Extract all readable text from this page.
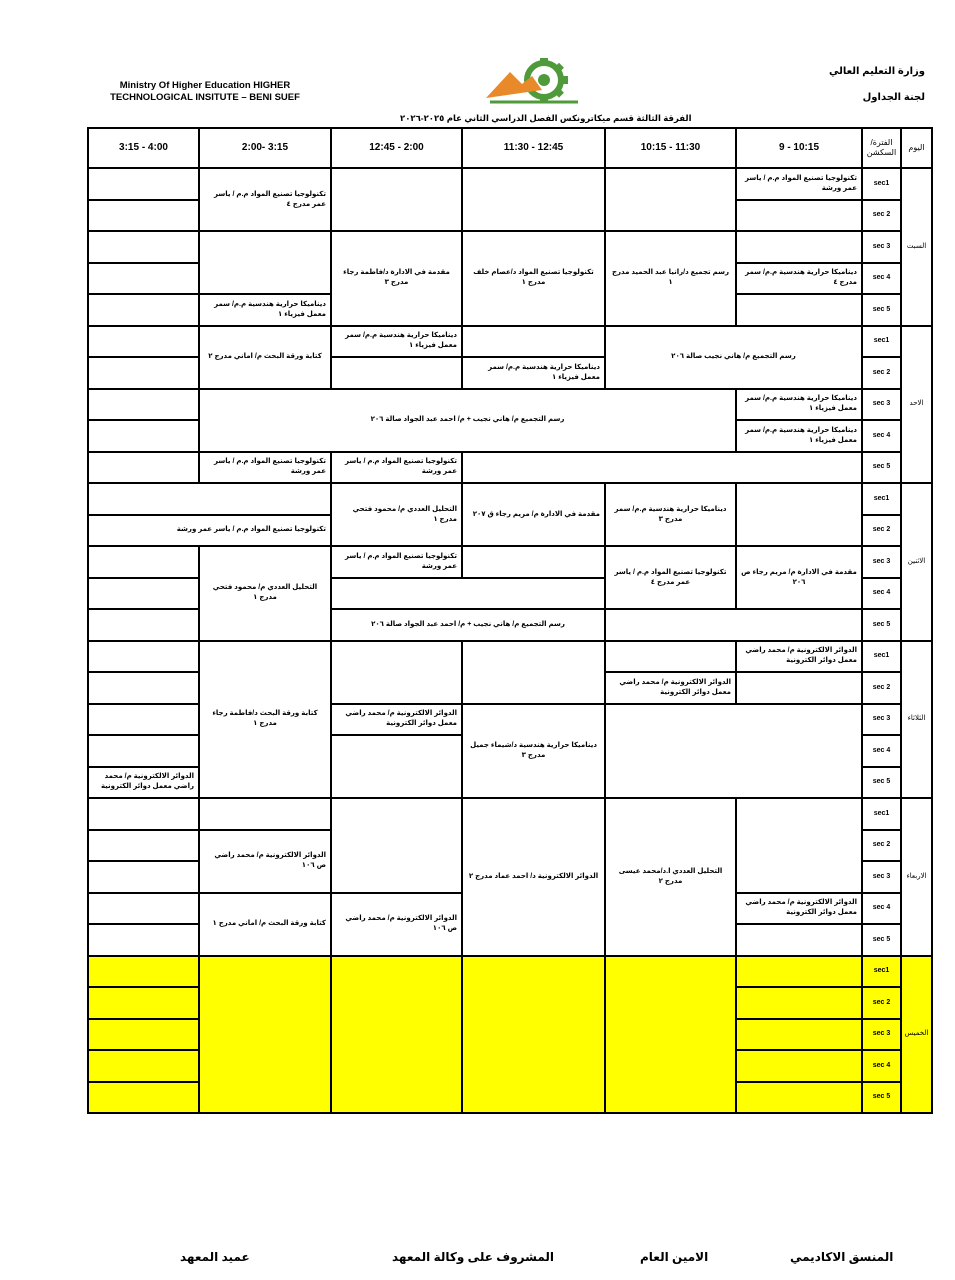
Ministry Of Higher Education HIGHER TECHNOLOGICAL INSITUTE – BENI SUEF
وزارة التعليم العالي
لجنة الجداول
الفرقة الثالثة قسم ميكاترونكس الفصل الدراسي الثاني عام ٢٠٢٥-٢٠٢٦
3:15 - 4:00	2:00- 3:15	12:45 - 2:00	11:30 - 12:45	10:15 - 11:30	9 - 10:15	الفترة/ السكشن	اليوم
	تكنولوجيا تصنيع المواد م.م / ياسر عمر مدرج ٤				تكنولوجيا تصنيع المواد م.م / ياسر عمر ورشة	sec1	السبت
						sec 2	
		مقدمة في الادارة د/فاطمة رجاء مدرج ٣	تكنولوجيا تصنيع المواد د/عصام خلف مدرج ١	رسم تجميع د/رانيا عبد الحميد مدرج ١		sec 3	
					ديناميكا حرارية هندسية م.م/ سمر مدرج ٤	sec 4	
	ديناميكا حرارية هندسية م.م/ سمر معمل فيزياء ١					sec 5	
	كتابة ورقة البحث م/ اماني مدرج ٢	ديناميكا حرارية هندسية م.م/ سمر معمل فيزياء ١		رسم التجميع م/ هاني نجيب صالة ٢٠٦		sec1	الاحد
			ديناميكا حرارية هندسية م.م/ سمر معمل فيزياء ١			sec 2	
	رسم التجميع م/ هاني نجيب + م/ احمد عبد الجواد صالة ٢٠٦				ديناميكا حرارية هندسية م.م/ سمر معمل فيزياء ١	sec 3	
					ديناميكا حرارية هندسية م.م/ سمر معمل فيزياء ١	sec 4	
	تكنولوجيا تصنيع المواد م.م / ياسر عمر ورشة	تكنولوجيا تصنيع المواد م.م / ياسر عمر ورشة				sec 5	
		التحليل العددي م/ محمود فتحي مدرج ١	مقدمة في الادارة م/ مريم رجاء ق ٢٠٧	ديناميكا حرارية هندسية م.م/ سمر مدرج ٣		sec1	الاثنين
تكنولوجيا تصنيع المواد م.م / ياسر عمر ورشة						sec 2	
	التحليل العددي م/ محمود فتحي مدرج ١	تكنولوجيا تصنيع المواد م.م / ياسر عمر ورشة		تكنولوجيا تصنيع المواد م.م / ياسر عمر مدرج ٤	مقدمة في الادارة م/ مريم رجاء ص ٢٠٦	sec 3	
						sec 4	
		رسم التجميع م/ هاني نجيب + م/ احمد عبد الجواد صالة ٢٠٦				sec 5	
	كتابة ورقة البحث د/فاطمة رجاء مدرج ١				الدوائر الالكترونية م/ محمد راضي معمل دوائر الكترونية	sec1	الثلاثاء
				الدوائر الالكترونية م/ محمد راضي معمل دوائر الكترونية		sec 2	
		الدوائر الالكترونية م/ محمد راضي معمل دوائر الكترونية	ديناميكا حرارية هندسية د/شيماء جميل مدرج ٣			sec 3	
						sec 4	
الدوائر الالكترونية م/ محمد راضي معمل دوائر الكترونية						sec 5	
			الدوائر الالكترونية د/ احمد عماد مدرج ٢	التحليل العددي ا.د/محمد عيسى مدرج ٢		sec1	الاربعاء
	الدوائر الالكترونية م/ محمد راضي ص ١٠٦					sec 2	
						sec 3	
	كتابة ورقة البحث م/ اماني مدرج ١	الدوائر الالكترونية م/ محمد راضي ص ١٠٦			الدوائر الالكترونية م/ محمد راضي معمل دوائر الكترونية	sec 4	
						sec 5	
						sec1	الخميس
						sec 2	
						sec 3	
						sec 4	
						sec 5	
المنسق الاكاديمي
الامين العام
المشروف على وكالة المعهد
عميد المعهد
